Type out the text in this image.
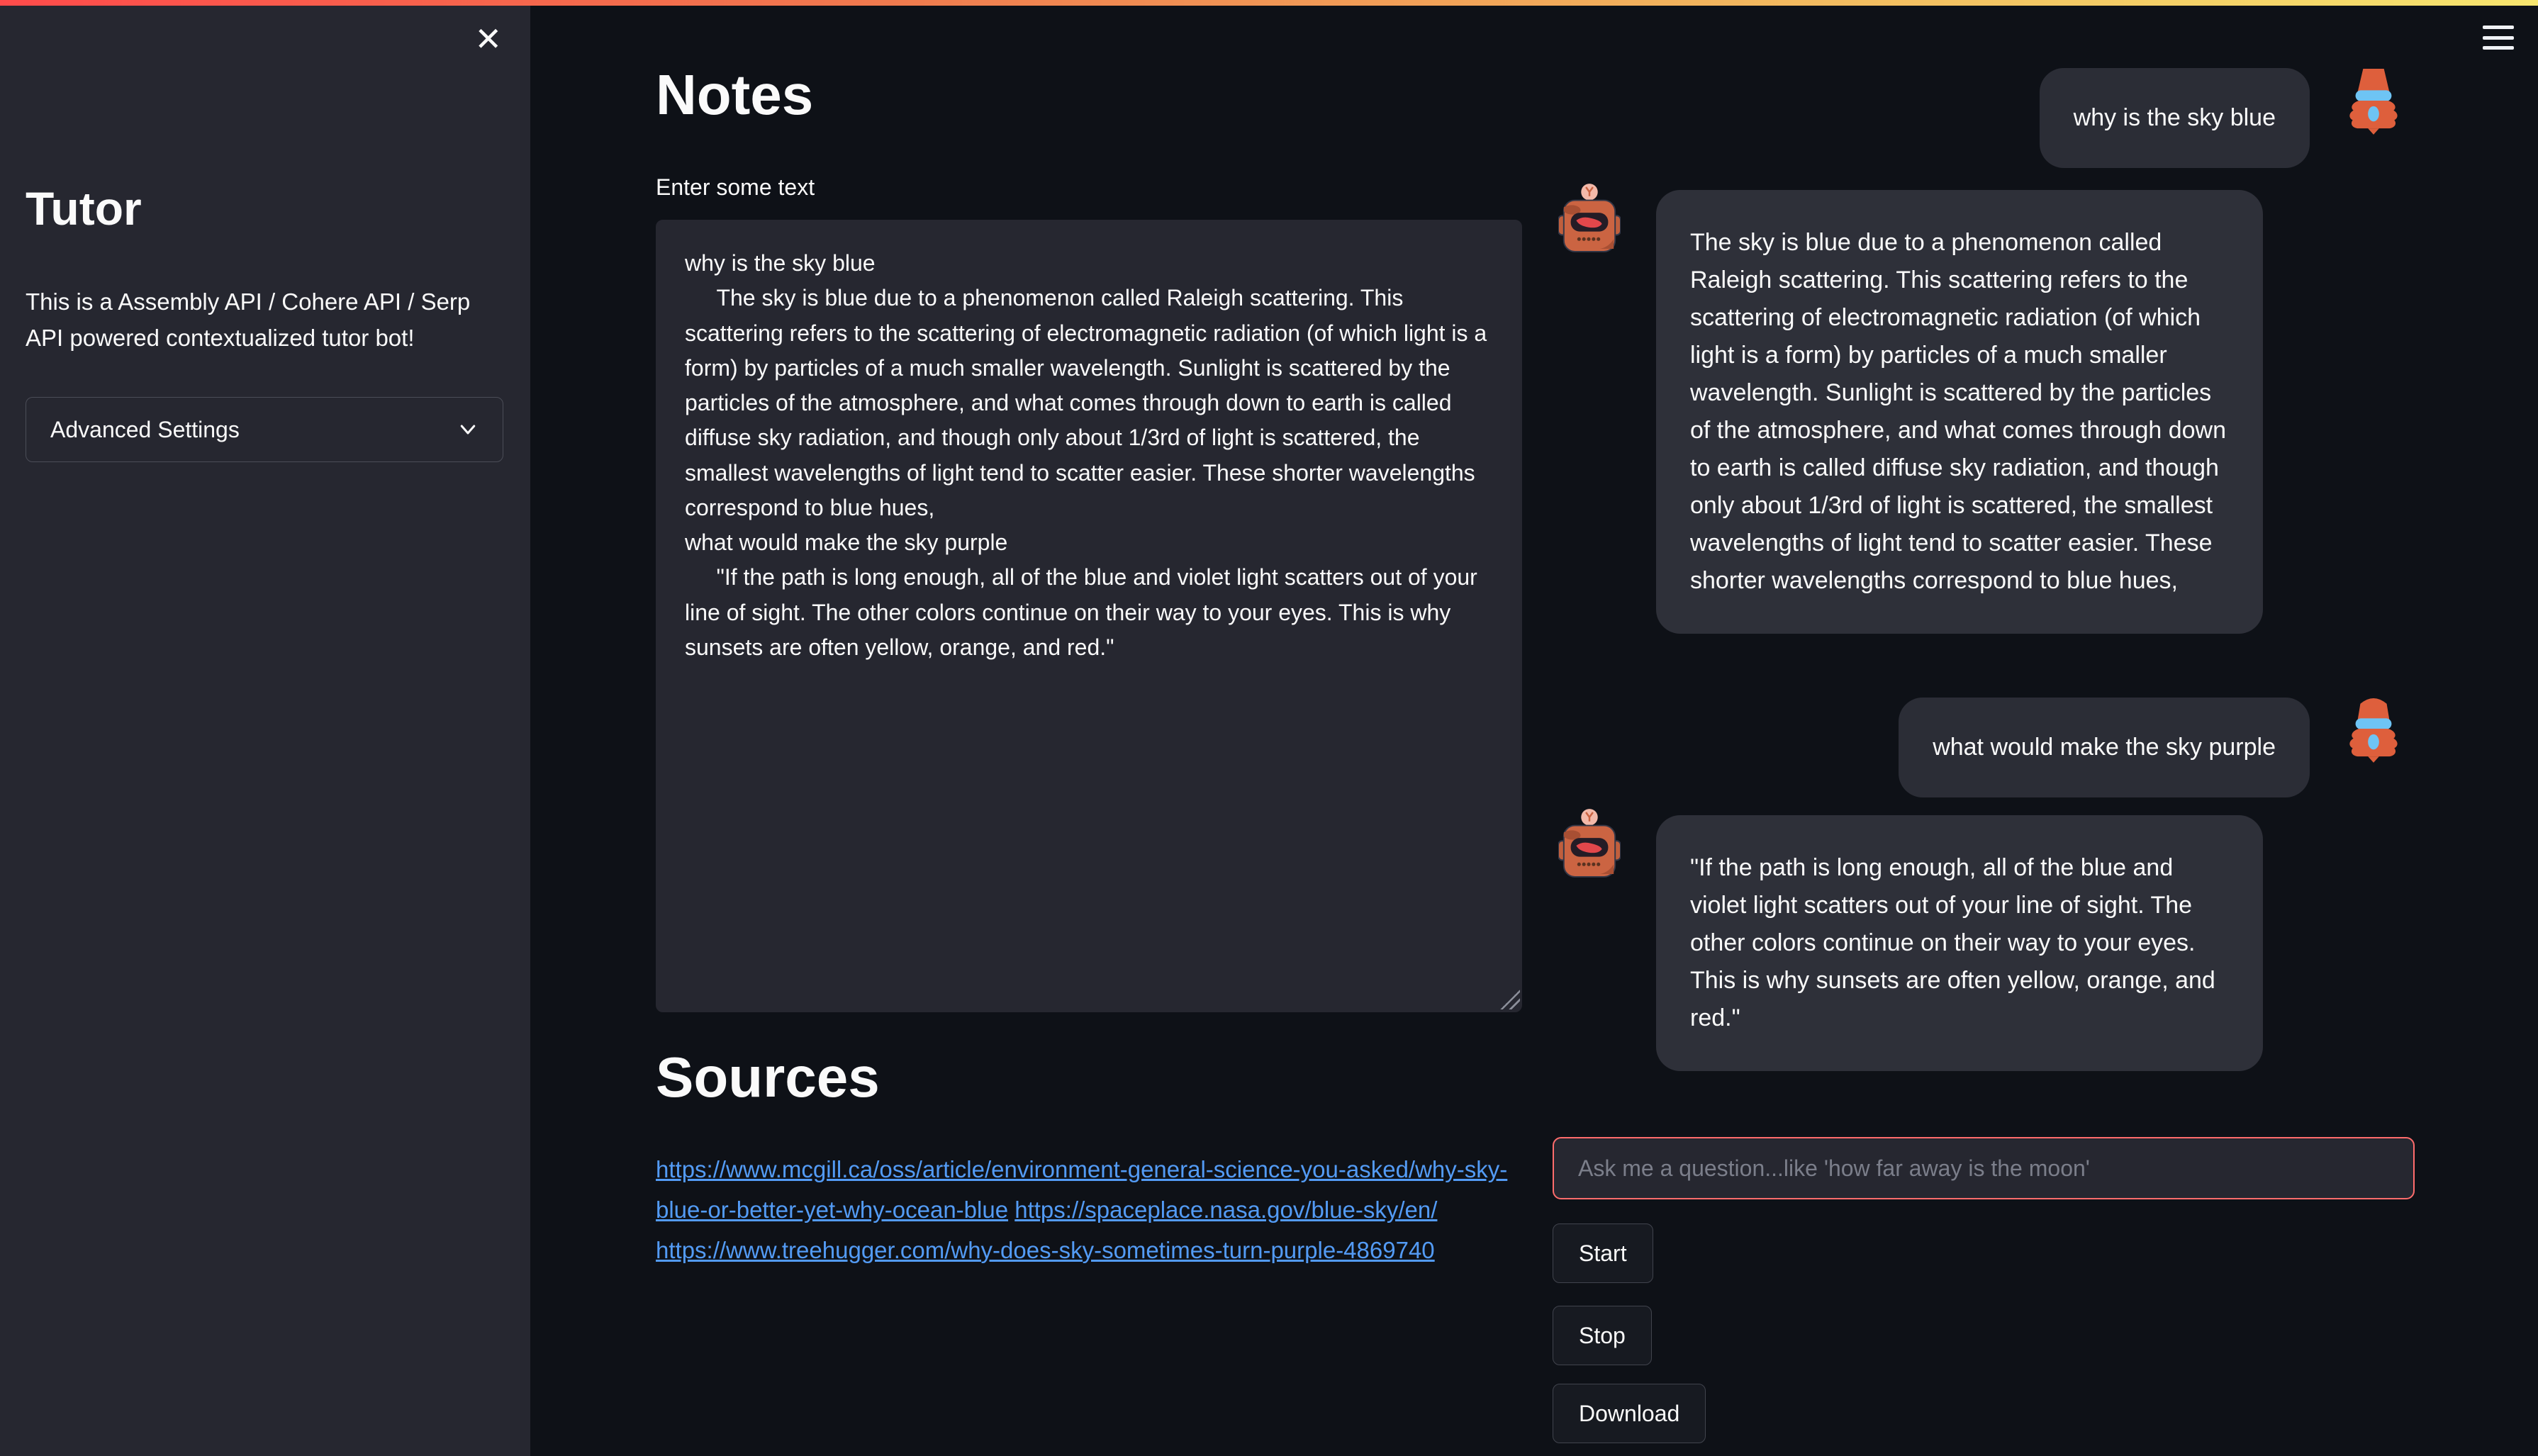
✕
Tutor
This is a Assembly API / Cohere API / Serp API powered contextualized tutor bot!
Advanced Settings
Notes
Enter some text
why is the sky blue The sky is blue due to a phenomenon called Raleigh scattering. This scattering refers to the scattering of electromagnetic radiation (of which light is a form) by particles of a much smaller wavelength. Sunlight is scattered by the particles of the atmosphere, and what comes through down to earth is called diffuse sky radiation, and though only about 1/3rd of light is scattered, the smallest wavelengths of light tend to scatter easier. These shorter wavelengths correspond to blue hues, what would make the sky purple "If the path is long enough, all of the blue and violet light scatters out of your line of sight. The other colors continue on their way to your eyes. This is why sunsets are often yellow, orange, and red."
Sources
https://www.mcgill.ca/oss/article/environment-general-science-you-asked/why-sky-blue-or-better-yet-why-ocean-blue https://spaceplace.nasa.gov/blue-sky/en/ https://www.treehugger.com/why-does-sky-sometimes-turn-purple-4869740
why is the sky blue
The sky is blue due to a phenomenon called Raleigh scattering. This scattering refers to the scattering of electromagnetic radiation (of which light is a form) by particles of a much smaller wavelength. Sunlight is scattered by the particles of the atmosphere, and what comes through down to earth is called diffuse sky radiation, and though only about 1/3rd of light is scattered, the smallest wavelengths of light tend to scatter easier. These shorter wavelengths correspond to blue hues,
what would make the sky purple
"If the path is long enough, all of the blue and violet light scatters out of your line of sight. The other colors continue on their way to your eyes. This is why sunsets are often yellow, orange, and red."
Ask me a question...like 'how far away is the moon'
Start
Stop
Download
